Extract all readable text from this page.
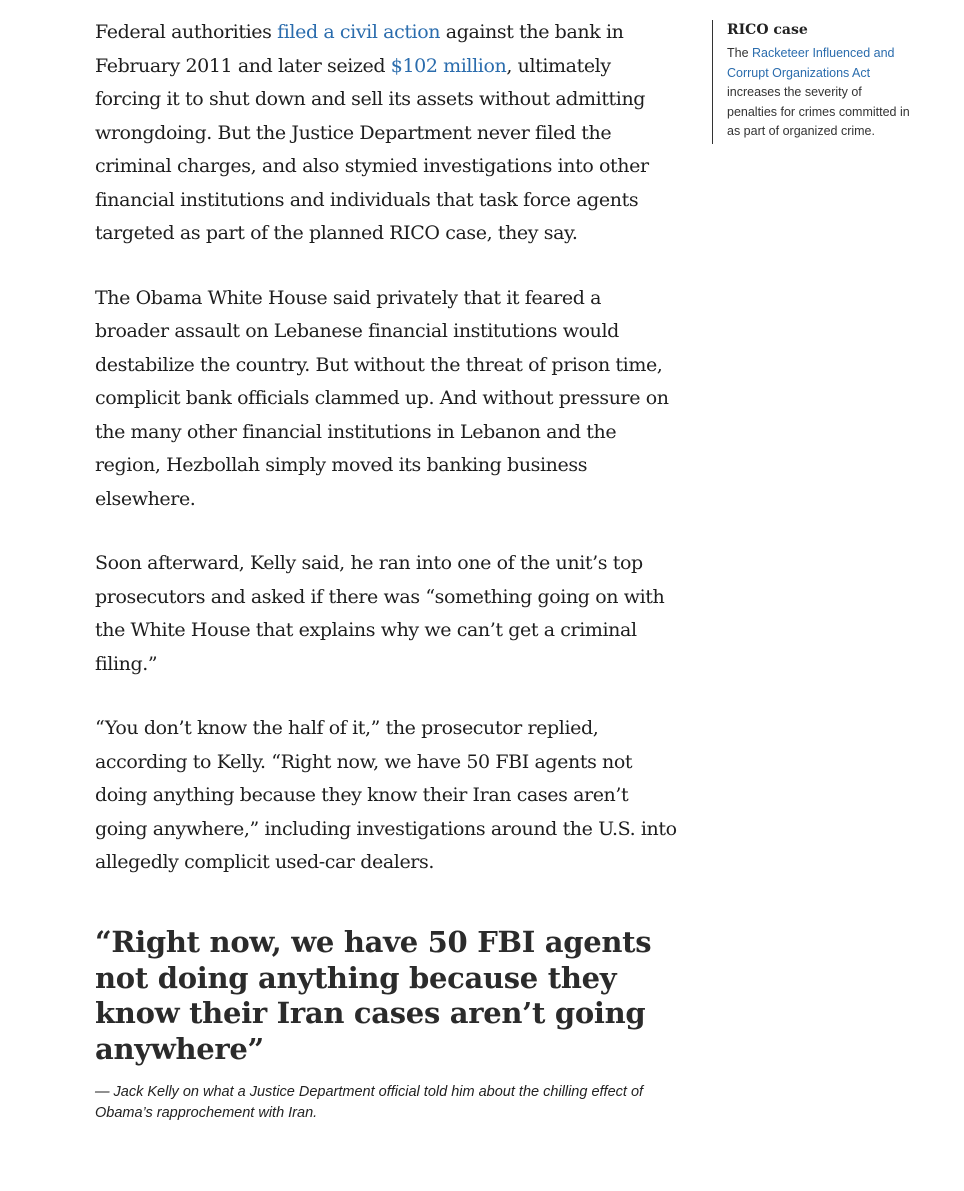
Federal authorities filed a civil action against the bank in February 2011 and later seized $102 million, ultimately forcing it to shut down and sell its assets without admitting wrongdoing. But the Justice Department never filed the criminal charges, and also stymied investigations into other financial institutions and individuals that task force agents targeted as part of the planned RICO case, they say.

The Obama White House said privately that it feared a broader assault on Lebanese financial institutions would destabilize the country. But without the threat of prison time, complicit bank officials clammed up. And without pressure on the many other financial institutions in Lebanon and the region, Hezbollah simply moved its banking business elsewhere.

Soon afterward, Kelly said, he ran into one of the unit’s top prosecutors and asked if there was “something going on with the White House that explains why we can’t get a criminal filing.”

“You don’t know the half of it,” the prosecutor replied, according to Kelly. “Right now, we have 50 FBI agents not doing anything because they know their Iran cases aren’t going anywhere,” including investigations around the U.S. into allegedly complicit used-car dealers.

RICO case

The Racketeer Influenced and Corrupt Organizations Act increases the severity of penalties for crimes committed in as part of organized crime.

“Right now, we have 50 FBI agents not doing anything because they know their Iran cases aren’t going anywhere”

— Jack Kelly on what a Justice Department official told him about the chilling effect of Obama’s rapprochement with Iran.
